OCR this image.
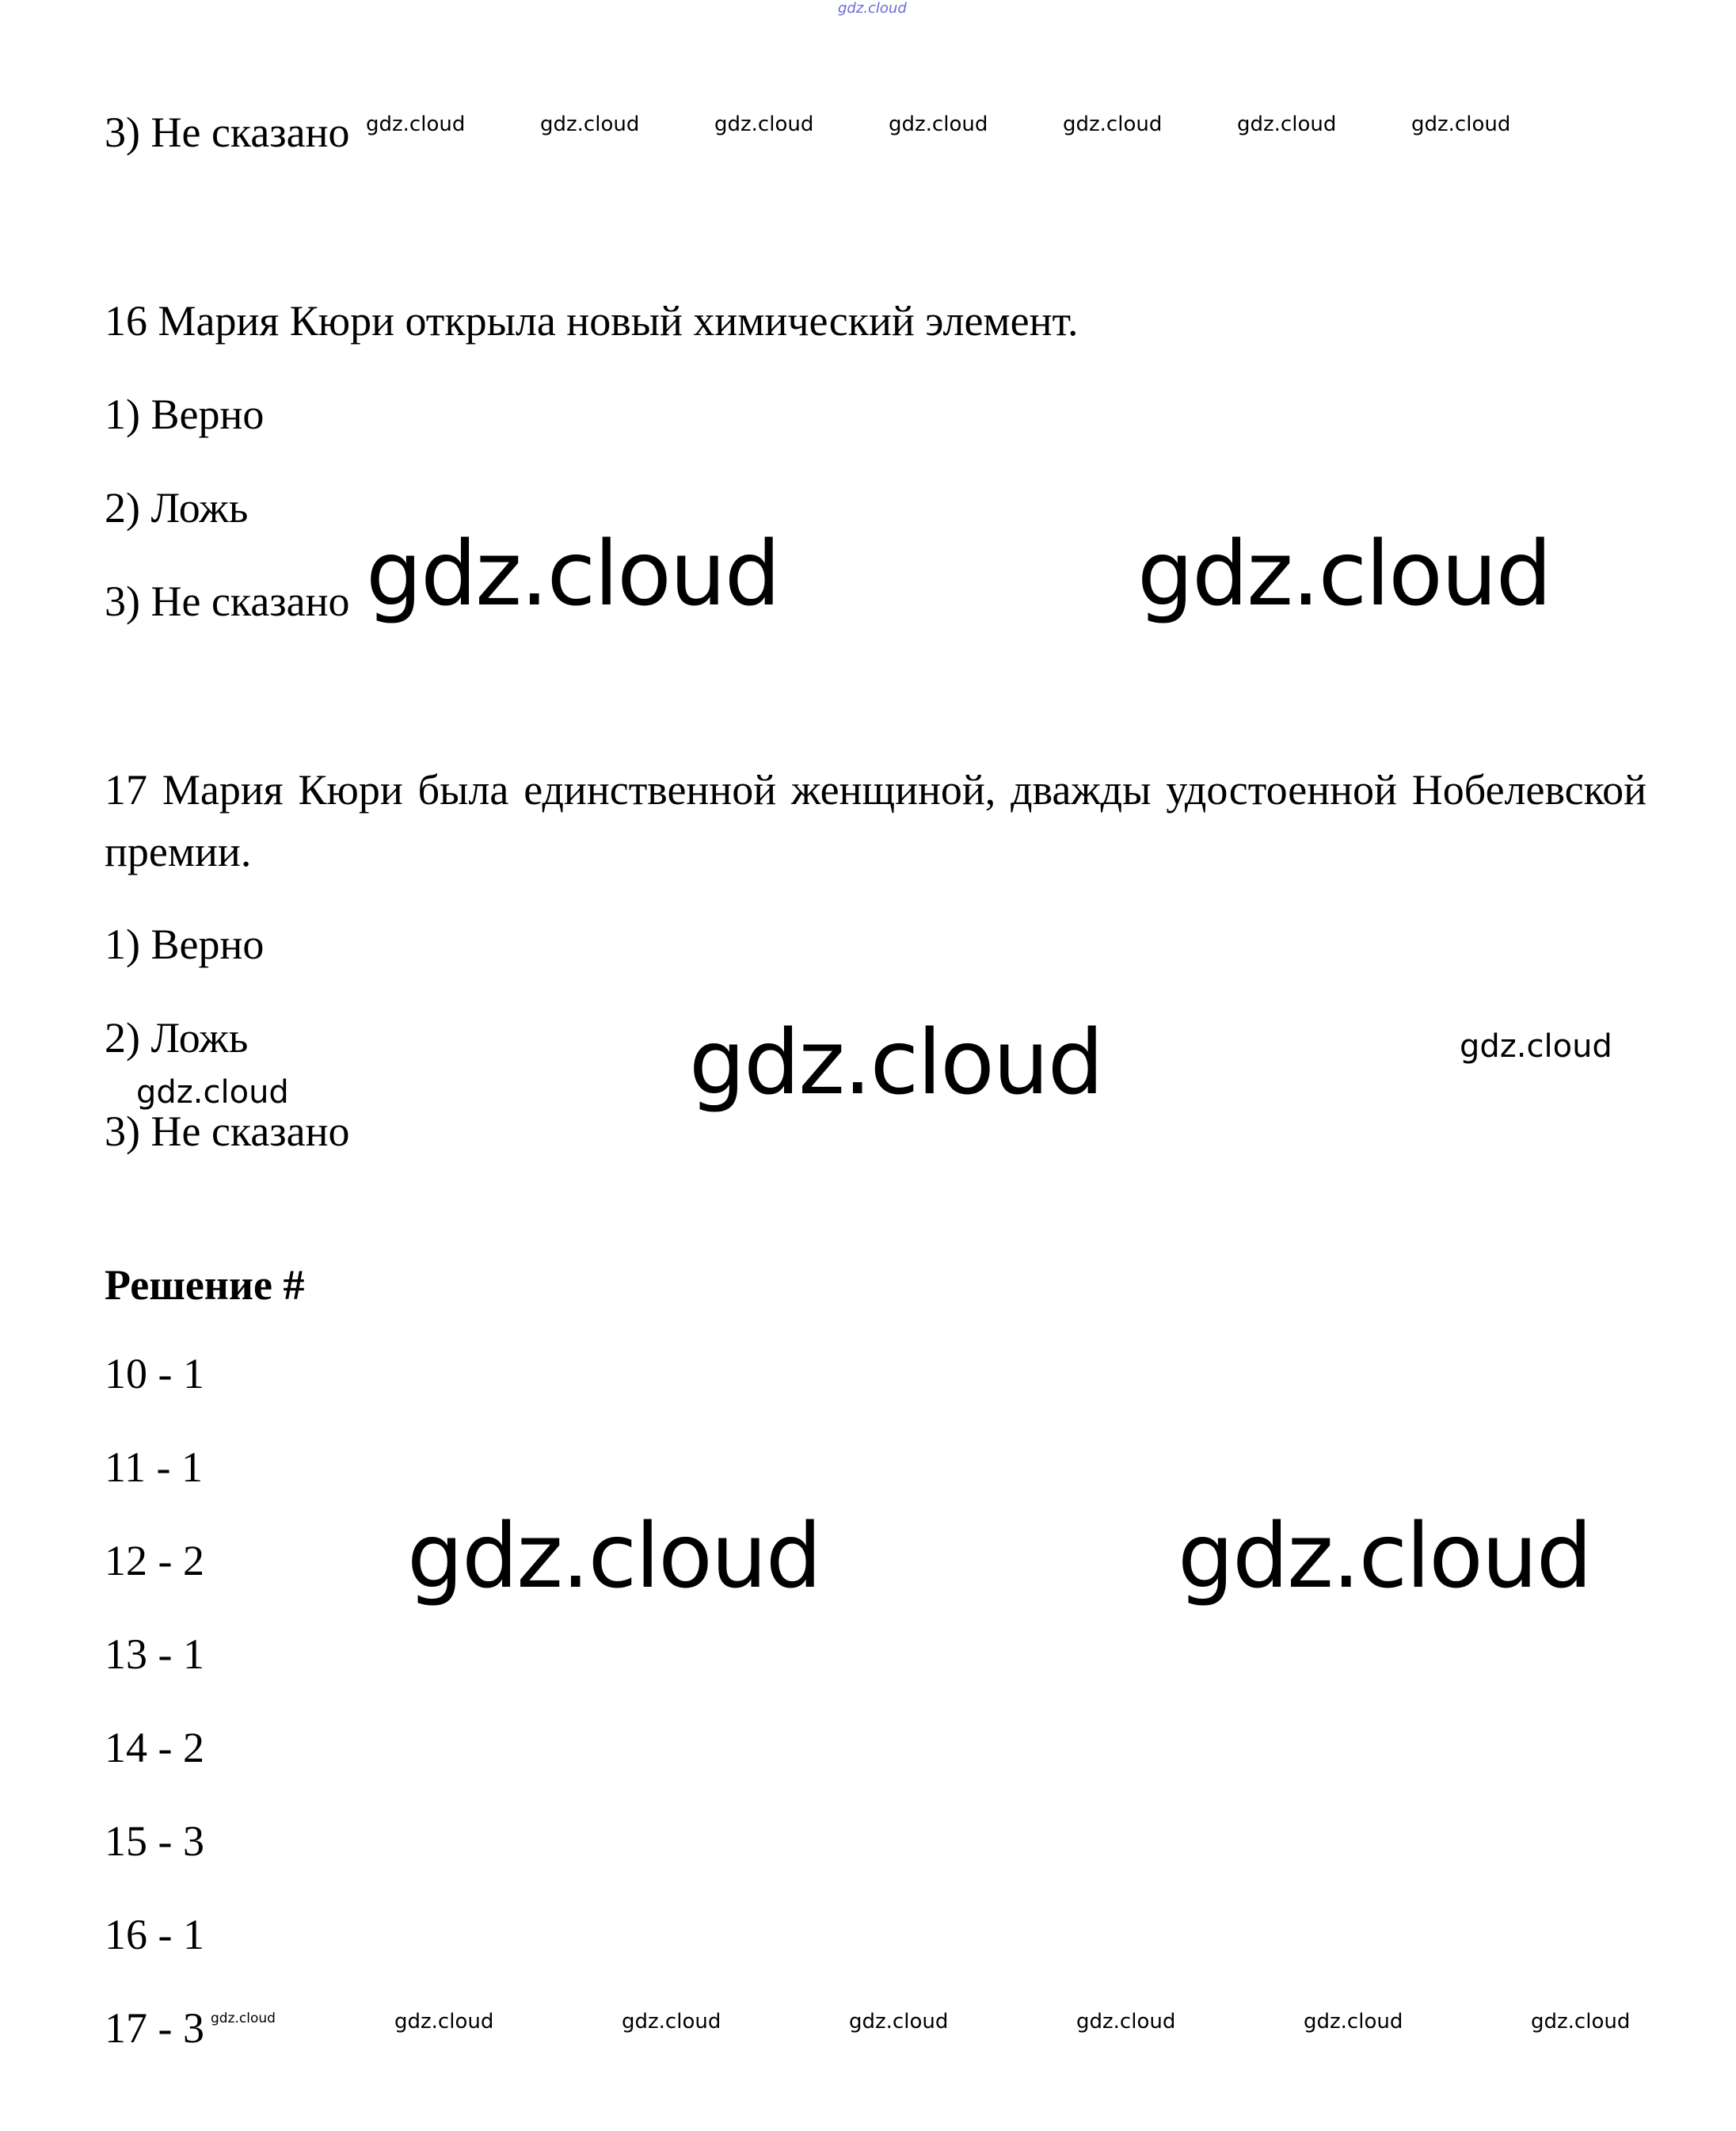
gdz.cloud
3) Не сказано gdz.cloud	gdz.cloud	gdz.cloud	gdz.cloud	gdz.cloud	gdz.cloud	gdz.cloud
16 Мария Кюри открыла новый химический элемент.
1) Верно
2) Ложь
3) Не сказано gdz.cloud	gdz.cloud
17 Мария Кюри была единственной женщиной, дважды удостоенной Нобелевской премии.
1) Верно
2) Ложь
3) Не сказано
gdz.cloud	gdz.cloud	gdz.cloud
Решение #
10 - 1
11 - 1
12 - 2
13 - 1
14 - 2
15 - 3
16 - 1
17 - 3
gdz.cloud	gdz.cloud
gdz.cloud	gdz.cloud	gdz.cloud	gdz.cloud	gdz.cloud	gdz.cloud	gdz.cloud
